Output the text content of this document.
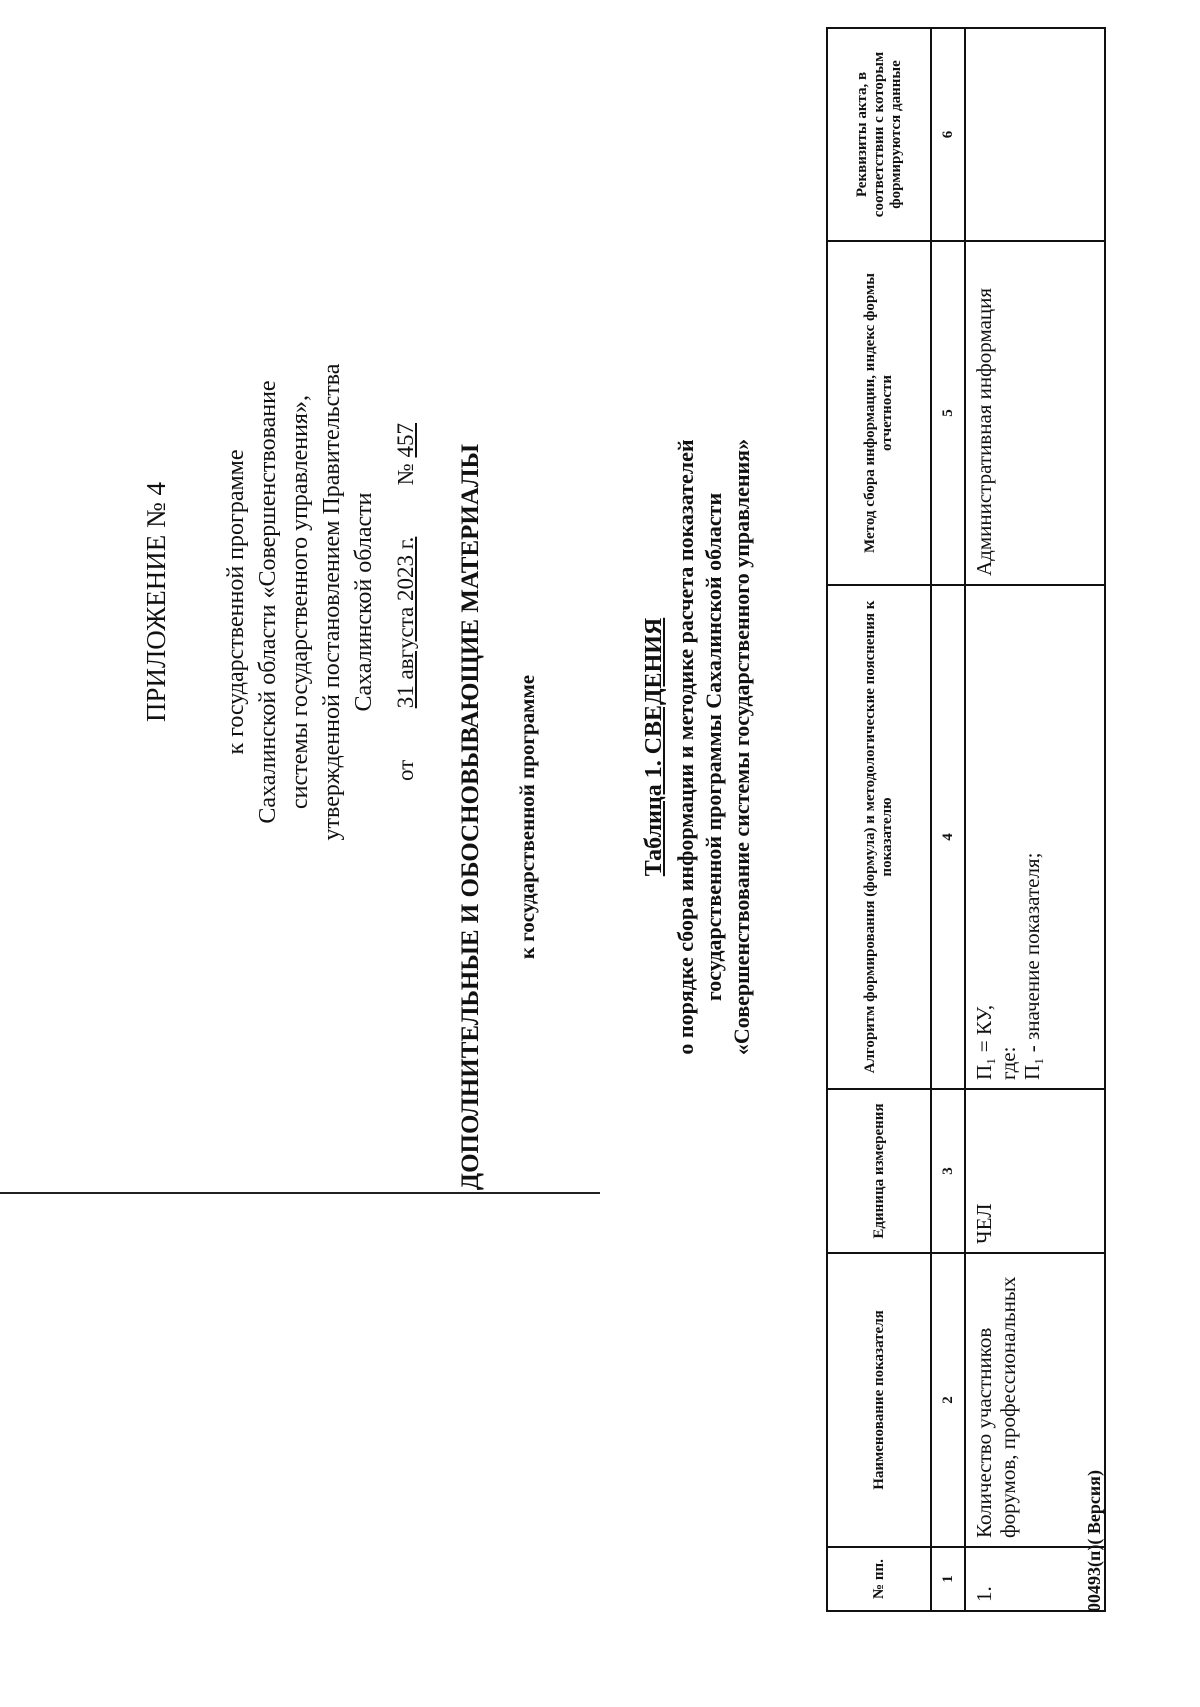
ПРИЛОЖЕНИЕ № 4 к государственной программе Сахалинской области «Совершенствование системы государственного управления», утвержденной постановлением Правительства Сахалинской области
от  31 августа 2023 г.  № 457
ДОПОЛНИТЕЛЬНЫЕ И ОБОСНОВЫВАЮЩИЕ МАТЕРИАЛЫ к государственной программе	Таблица 1. СВЕДЕНИЯ о порядке сбора информации и методике расчета показателей государственной программы Сахалинской области «Совершенствование системы государственного управления»
№ пп.	Наименование показателя	Единица измерения	Алгоритм формирования (формула) и методологические пояснения к показателю	Метод сбора информации, индекс формы отчетности	Реквизиты акта, в соответствии с которым формируются данные
1	2	3	4	5	6
1.	Количество участников форумов, профессиональных	ЧЕЛ	П₁ = КУ, где: П₁ - значение показателя;	Административная информация	
00493(п)( Версия)
